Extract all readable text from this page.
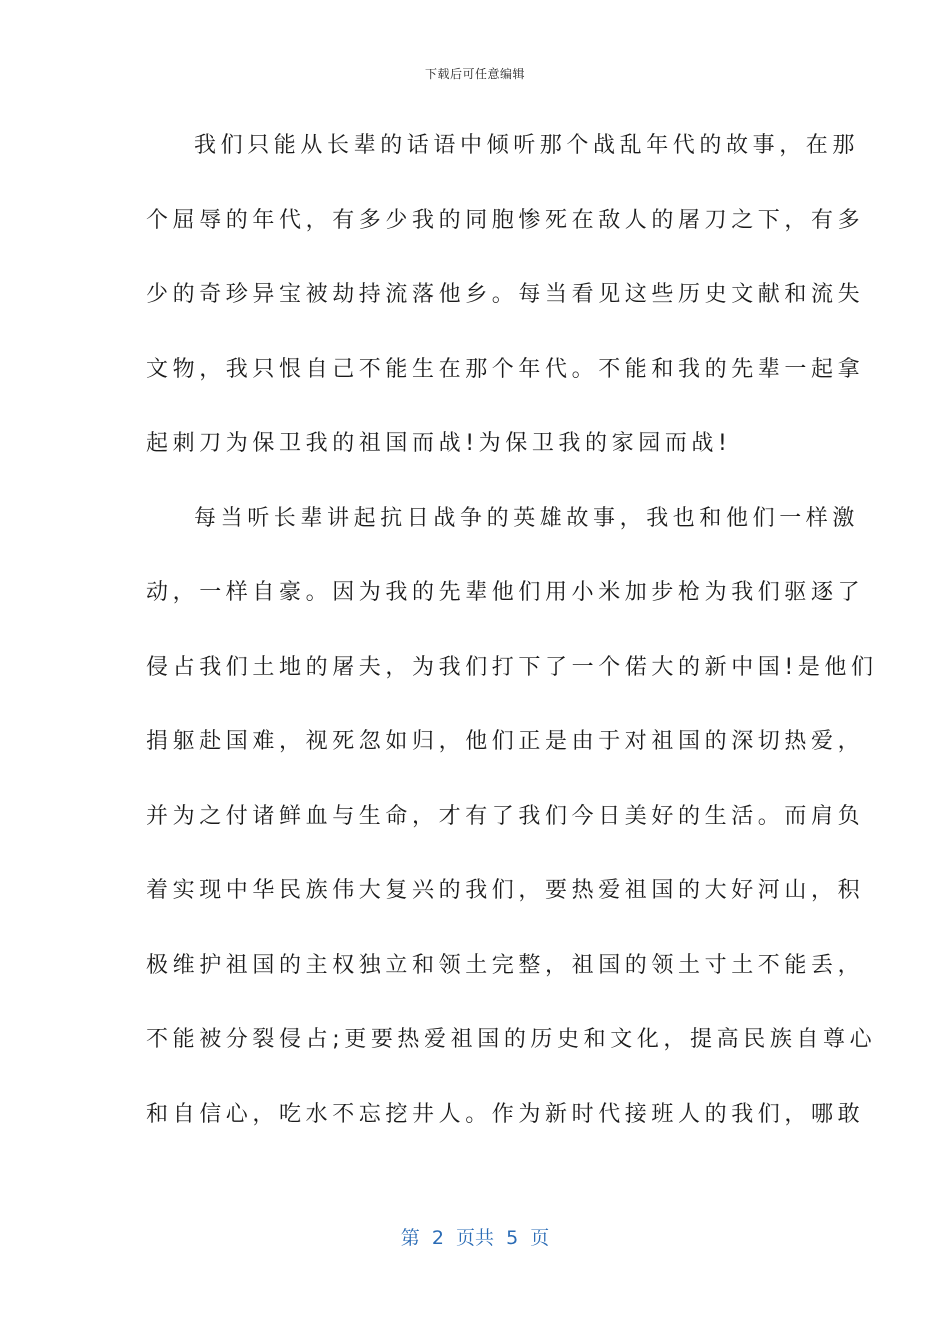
下载后可任意编辑
我们只能从长辈的话语中倾听那个战乱年代的故事，在那
个屈辱的年代，有多少我的同胞惨死在敌人的屠刀之下，有多
少的奇珍异宝被劫持流落他乡。每当看见这些历史文献和流失
文物，我只恨自己不能生在那个年代。不能和我的先辈一起拿
起刺刀为保卫我的祖国而战!为保卫我的家园而战!
每当听长辈讲起抗日战争的英雄故事，我也和他们一样激
动，一样自豪。因为我的先辈他们用小米加步枪为我们驱逐了
侵占我们土地的屠夫，为我们打下了一个偌大的新中国!是他们
捐躯赴国难，视死忽如归，他们正是由于对祖国的深切热爱，
并为之付诸鲜血与生命，才有了我们今日美好的生活。而肩负
着实现中华民族伟大复兴的我们，要热爱祖国的大好河山，积
极维护祖国的主权独立和领土完整，祖国的领土寸土不能丢，
不能被分裂侵占;更要热爱祖国的历史和文化，提高民族自尊心
和自信心，吃水不忘挖井人。作为新时代接班人的我们，哪敢
第  2  页共  5  页
